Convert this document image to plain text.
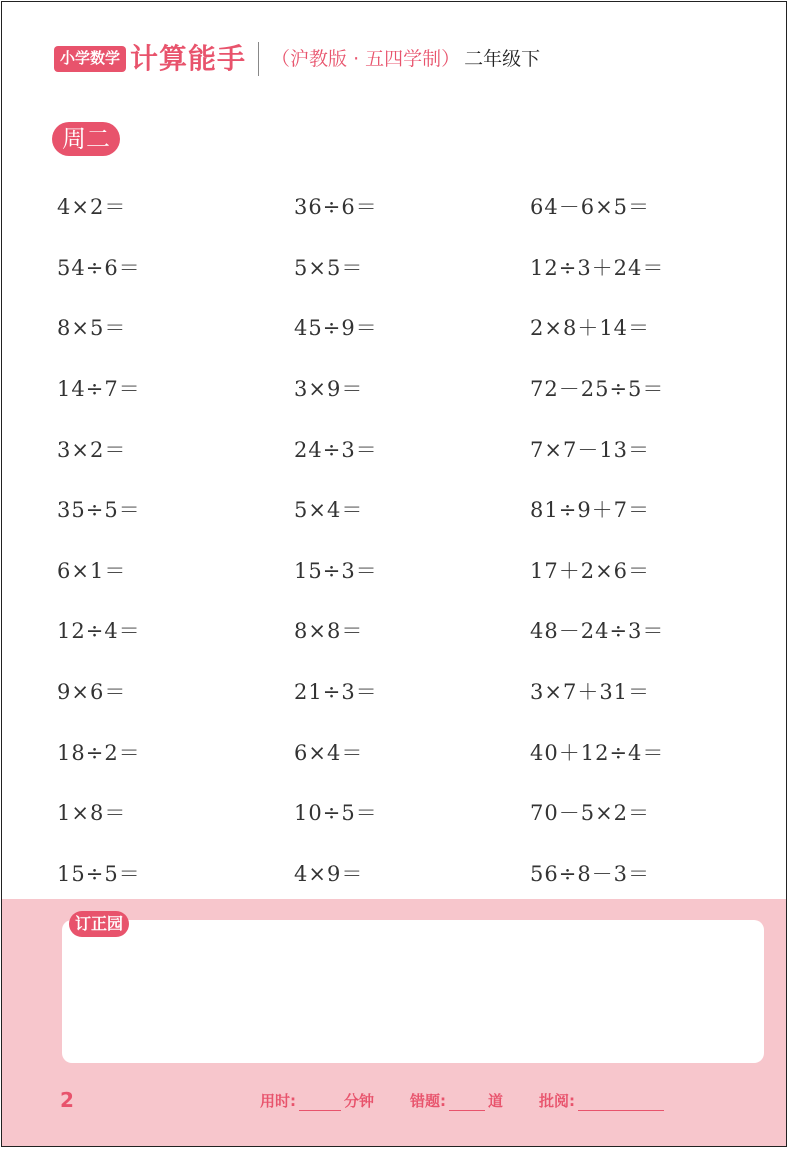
小学数学 计算能手 （沪教版 · 五四学制） 二年级下
周二
4×2＝	36÷6＝	64－6×5＝
54÷6＝	5×5＝	12÷3＋24＝
8×5＝	45÷9＝	2×8＋14＝
14÷7＝	3×9＝	72－25÷5＝
3×2＝	24÷3＝	7×7－13＝
35÷5＝	5×4＝	81÷9＋7＝
6×1＝	15÷3＝	17＋2×6＝
12÷4＝	8×8＝	48－24÷3＝
9×6＝	21÷3＝	3×7＋31＝
18÷2＝	6×4＝	40＋12÷4＝
1×8＝	10÷5＝	70－5×2＝
15÷5＝	4×9＝	56÷8－3＝
订正园
2	用时:	分钟 错题:	道 批阅:
